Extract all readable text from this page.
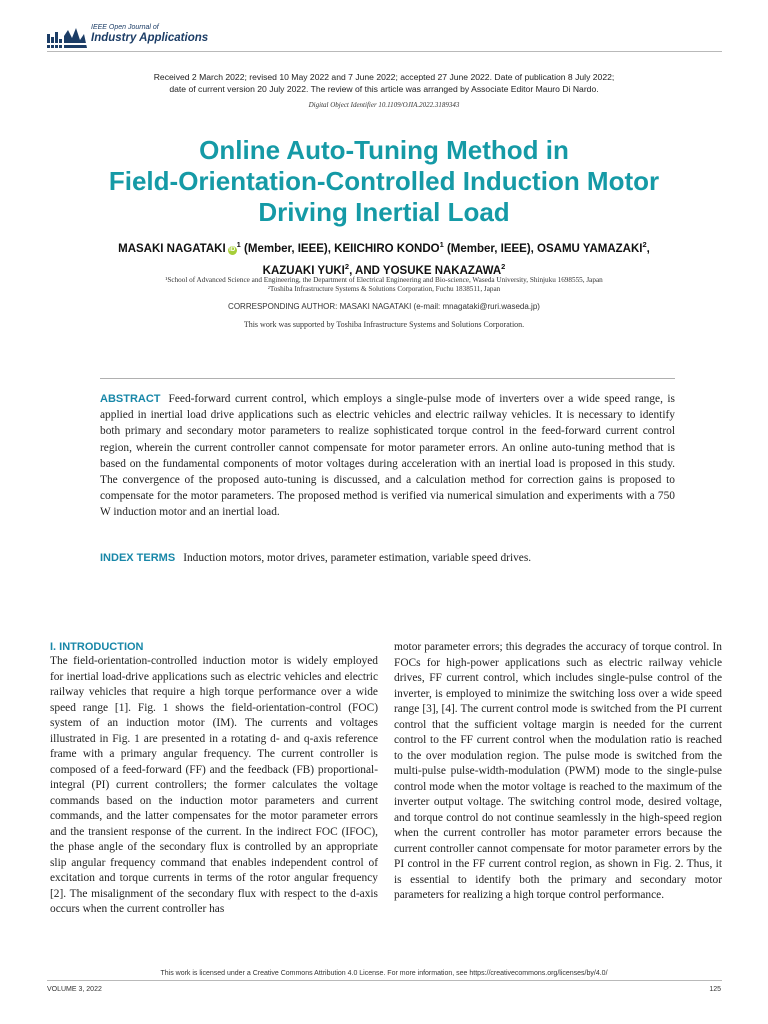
IEEE Open Journal of
Industry Applications
Received 2 March 2022; revised 10 May 2022 and 7 June 2022; accepted 27 June 2022. Date of publication 8 July 2022;
date of current version 20 July 2022. The review of this article was arranged by Associate Editor Mauro Di Nardo.
Digital Object Identifier 10.1109/OJIA.2022.3189343
Online Auto-Tuning Method in
Field-Orientation-Controlled Induction Motor
Driving Inertial Load
MASAKI NAGATAKI $iD^1$ (Member, IEEE), KEIICHIRO KONDO$^1$ (Member, IEEE), OSAMU YAMAZAKI$^2$,
KAZUAKI YUKI$^2$, AND YOSUKE NAKAZAWA$^2$
¹School of Advanced Science and Engineering, the Department of Electrical Engineering and Bio-science, Waseda University, Shinjuku 1698555, Japan
²Toshiba Infrastructure Systems & Solutions Corporation, Fuchu 1838511, Japan
CORRESPONDING AUTHOR: MASAKI NAGATAKI (e-mail: mnagataki@ruri.waseda.jp)
This work was supported by Toshiba Infrastructure Systems and Solutions Corporation.
ABSTRACT Feed-forward current control, which employs a single-pulse mode of inverters over a wide speed range, is applied in inertial load drive applications such as electric vehicles and electric railway vehicles. It is necessary to identify both primary and secondary motor parameters to realize sophisticated torque control in the feed-forward current control region, wherein the current controller cannot compensate for motor parameter errors. An online auto-tuning method that is based on the fundamental components of motor voltages during acceleration with an inertial load is proposed in this study. The convergence of the proposed auto-tuning is discussed, and a calculation method for correction gains is proposed to compensate for the motor parameters. The proposed method is verified via numerical simulation and experiments with a 750 W induction motor and an inertial load.
INDEX TERMS Induction motors, motor drives, parameter estimation, variable speed drives.
I. INTRODUCTION
The field-orientation-controlled induction motor is widely employed for inertial load-drive applications such as electric vehicles and electric railway vehicles that require a high torque performance over a wide speed range [1]. Fig. 1 shows the field-orientation-control (FOC) system of an induction motor (IM). The currents and voltages illustrated in Fig. 1 are presented in a rotating d- and q-axis reference frame with a primary angular frequency. The current controller is composed of a feed-forward (FF) and the feedback (FB) proportional-integral (PI) current controllers; the former calculates the voltage commands based on the induction motor parameters and current commands, and the latter compensates for the motor parameter errors and the transient response of the current. In the indirect FOC (IFOC), the phase angle of the secondary flux is controlled by an appropriate slip angular frequency command that enables independent control of excitation and torque currents in terms of the rotor angular frequency [2]. The misalignment of the secondary flux with respect to the d-axis occurs when the current controller has
motor parameter errors; this degrades the accuracy of torque control. In FOCs for high-power applications such as electric railway vehicle drives, FF current control, which includes single-pulse control of the inverter, is employed to minimize the switching loss over a wide speed range [3], [4]. The current control mode is switched from the PI current control that the sufficient voltage margin is needed for the current control to the FF current control when the modulation ratio is reached to the over modulation region. The pulse mode is switched from the multi-pulse pulse-width-modulation (PWM) mode to the single-pulse control mode when the motor voltage is reached to the maximum of the inverter output voltage. The switching control mode, desired voltage, and torque control do not continue seamlessly in the high-speed region when the current controller has motor parameter errors because the current controller cannot compensate for motor parameter errors by the PI control in the FF current control region, as shown in Fig. 2. Thus, it is essential to identify both the primary and secondary motor parameters for realizing a high torque control performance.
This work is licensed under a Creative Commons Attribution 4.0 License. For more information, see https://creativecommons.org/licenses/by/4.0/
VOLUME 3, 2022	125
